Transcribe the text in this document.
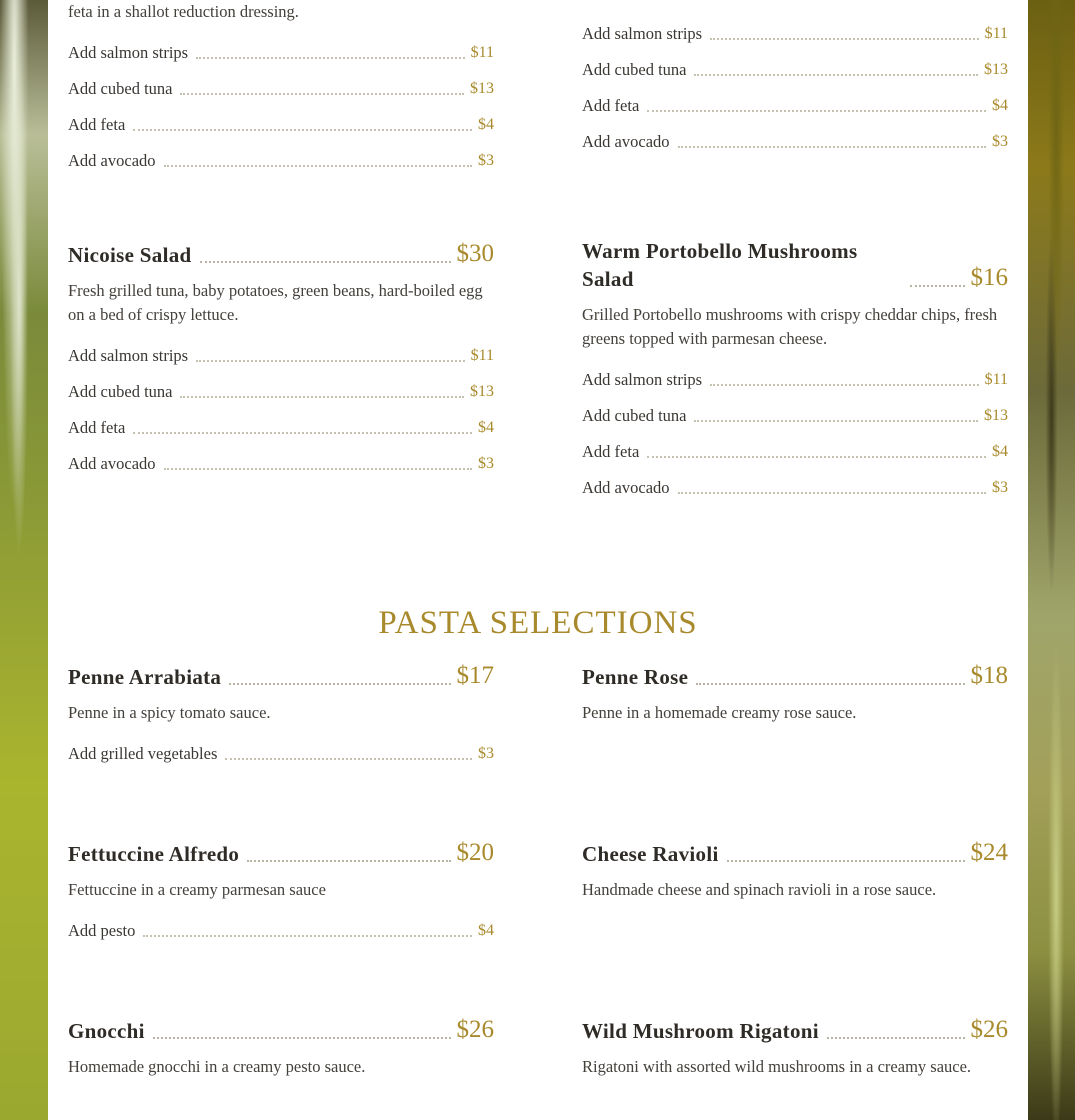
feta in a shallot reduction dressing.
Add salmon strips	$11
Add cubed tuna	$13
Add feta	$4
Add avocado	$3
Nicoise Salad	$30
Fresh grilled tuna, baby potatoes, green beans, hard-boiled egg on a bed of crispy lettuce.
Add salmon strips	$11
Add cubed tuna	$13
Add feta	$4
Add avocado	$3
Penne Arrabiata	$17
Penne in a spicy tomato sauce.
Add grilled vegetables	$3
Fettuccine Alfredo	$20
Fettuccine in a creamy parmesan sauce
Add pesto	$4
Gnocchi	$26
Homemade gnocchi in a creamy pesto sauce.
Add salmon strips	$11
Add cubed tuna	$13
Add feta	$4
Add avocado	$3
Warm Portobello Mushrooms Salad	$16
Grilled Portobello mushrooms with crispy cheddar chips, fresh greens topped with parmesan cheese.
Add salmon strips	$11
Add cubed tuna	$13
Add feta	$4
Add avocado	$3
Penne Rose	$18
Penne in a homemade creamy rose sauce.
Cheese Ravioli	$24
Handmade cheese and spinach ravioli in a rose sauce.
Wild Mushroom Rigatoni	$26
Rigatoni with assorted wild mushrooms in a creamy sauce.
PASTA SELECTIONS
